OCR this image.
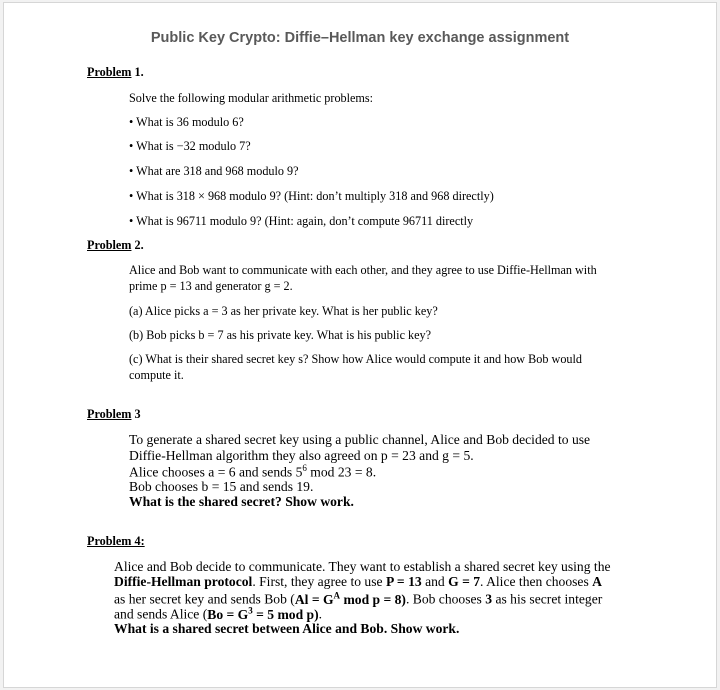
Public Key Crypto: Diffie–Hellman key exchange assignment
Problem 1.
Solve the following modular arithmetic problems:
• What is 36 modulo 6?
• What is −32 modulo 7?
• What are 318 and 968 modulo 9?
• What is 318 × 968 modulo 9? (Hint: don’t multiply 318 and 968 directly)
• What is 96711 modulo 9? (Hint: again, don’t compute 96711 directly
Problem 2.
Alice and Bob want to communicate with each other, and they agree to use Diffie-Hellman with
prime p = 13 and generator g = 2.
(a) Alice picks a = 3 as her private key. What is her public key?
(b) Bob picks b = 7 as his private key. What is his public key?
(c) What is their shared secret key s? Show how Alice would compute it and how Bob would
compute it.
Problem 3
To generate a shared secret key using a public channel, Alice and Bob decided to use
Diffie-Hellman algorithm they also agreed on p = 23 and g = 5.
Alice chooses a = 6 and sends $5^6$ mod 23 = 8.
Bob chooses b = 15 and sends 19.
What is the shared secret? Show work.
Problem 4:
Alice and Bob decide to communicate. They want to establish a shared secret key using the
Diffie-Hellman protocol. First, they agree to use P = 13 and G = 7. Alice then chooses A
as her secret key and sends Bob ($Al = G^A$ mod p = 8). Bob chooses 3 as his secret integer
and sends Alice ($Bo = G^3 = 5$ mod p).
What is a shared secret between Alice and Bob. Show work.
